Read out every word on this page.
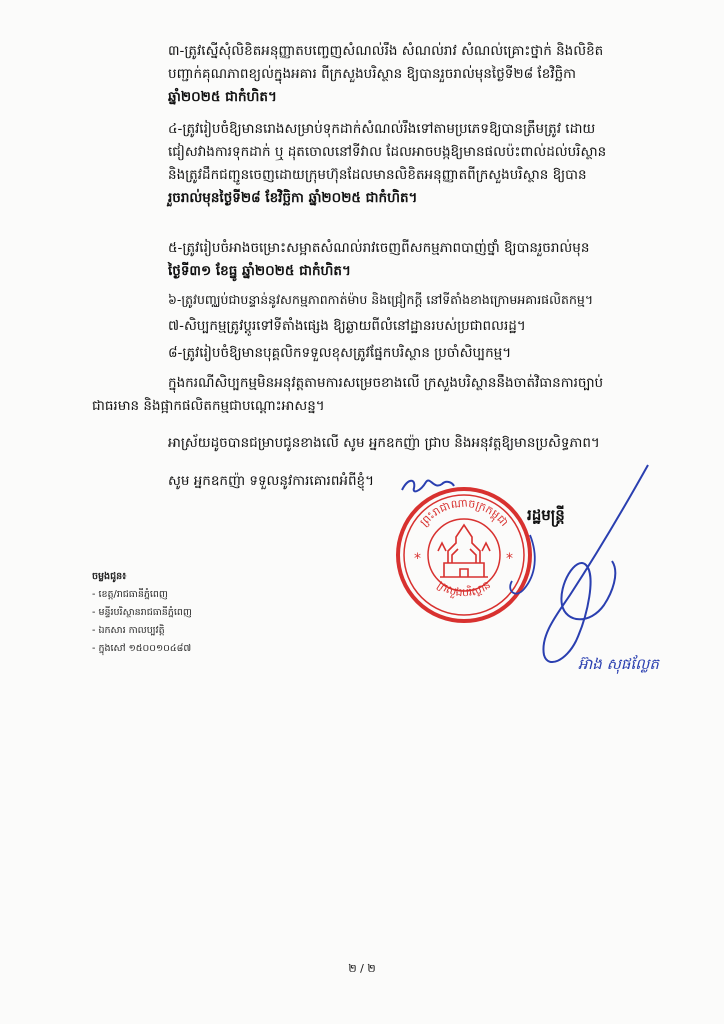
៣-ត្រូវស្នើសុំលិខិតអនុញ្ញាតបញ្ចេញសំណល់រឹង សំណល់រាវ សំណល់គ្រោះថ្នាក់ និងលិខិត
បញ្ជាក់គុណភាពខ្យល់ក្នុងអគារ ពីក្រសួងបរិស្ថាន ឱ្យបានរួចរាល់មុនថ្ងៃទី២៨ ខែវិច្ឆិកា
ឆ្នាំ២០២៥ ជាកំហិត។
៤-ត្រូវរៀបចំឱ្យមានរោងសម្រាប់ទុកដាក់សំណល់រឹងទៅតាមប្រភេទឱ្យបានត្រឹមត្រូវ ដោយ
ជៀសវាងការទុកដាក់ ឬ ដុតចោលនៅទីវាល ដែលអាចបង្កឱ្យមានផលប៉ះពាល់ដល់បរិស្ថាន
និងត្រូវដឹកជញ្ជូនចេញដោយក្រុមហ៊ុនដែលមានលិខិតអនុញ្ញាតពីក្រសួងបរិស្ថាន ឱ្យបាន
រួចរាល់មុនថ្ងៃទី២៨ ខែវិច្ឆិកា ឆ្នាំ២០២៥ ជាកំហិត។
៥-ត្រូវរៀបចំអាងចម្រោះសម្អាតសំណល់រាវចេញពីសកម្មភាពបាញ់ថ្នាំ ឱ្យបានរួចរាល់មុន
ថ្ងៃទី៣១ ខែធ្នូ ឆ្នាំ២០២៥ ជាកំហិត។
៦-ត្រូវបញ្ឈប់ជាបន្ទាន់នូវសកម្មភាពកាត់ម៉ាប និងជ្រៀកក្តី នៅទីតាំងខាងក្រោមអគារផលិតកម្ម។
៧-សិប្បកម្មត្រូវប្តូរទៅទីតាំងផ្សេង ឱ្យឆ្ងាយពីលំនៅដ្ឋានរបស់ប្រជាពលរដ្ឋ។
៨-ត្រូវរៀបចំឱ្យមានបុគ្គលិកទទួលខុសត្រូវផ្នែកបរិស្ថាន ប្រចាំសិប្បកម្ម។
ក្នុងករណីសិប្បកម្មមិនអនុវត្តតាមការសម្រេចខាងលើ ក្រសួងបរិស្ថាននឹងចាត់វិធានការច្បាប់
ជាធរមាន និងផ្អាកផលិតកម្មជាបណ្តោះអាសន្ន។
អាស្រ័យដូចបានជម្រាបជូនខាងលើ សូម អ្នកឧកញ៉ា ជ្រាប និងអនុវត្តឱ្យមានប្រសិទ្ធភាព។
សូម អ្នកឧកញ៉ា ទទួលនូវការគោរពអំពីខ្ញុំ។
ព្រះរាជាណាចក្រកម្ពុជា
ក្រសួងបរិស្ថាន
*	*
រដ្ឋមន្ត្រី
អ៊ាង សុផល្លែត
ចម្លងជូន៖
- ខេត្ត/រាជធានីភ្នំពេញ
- មន្ទីរបរិស្ថានរាជធានីភ្នំពេញ
- ឯកសារ កាលប្បវត្តិ
- ក្នុងសៅ ១៥០០១០៤៨៧
២ / ២
